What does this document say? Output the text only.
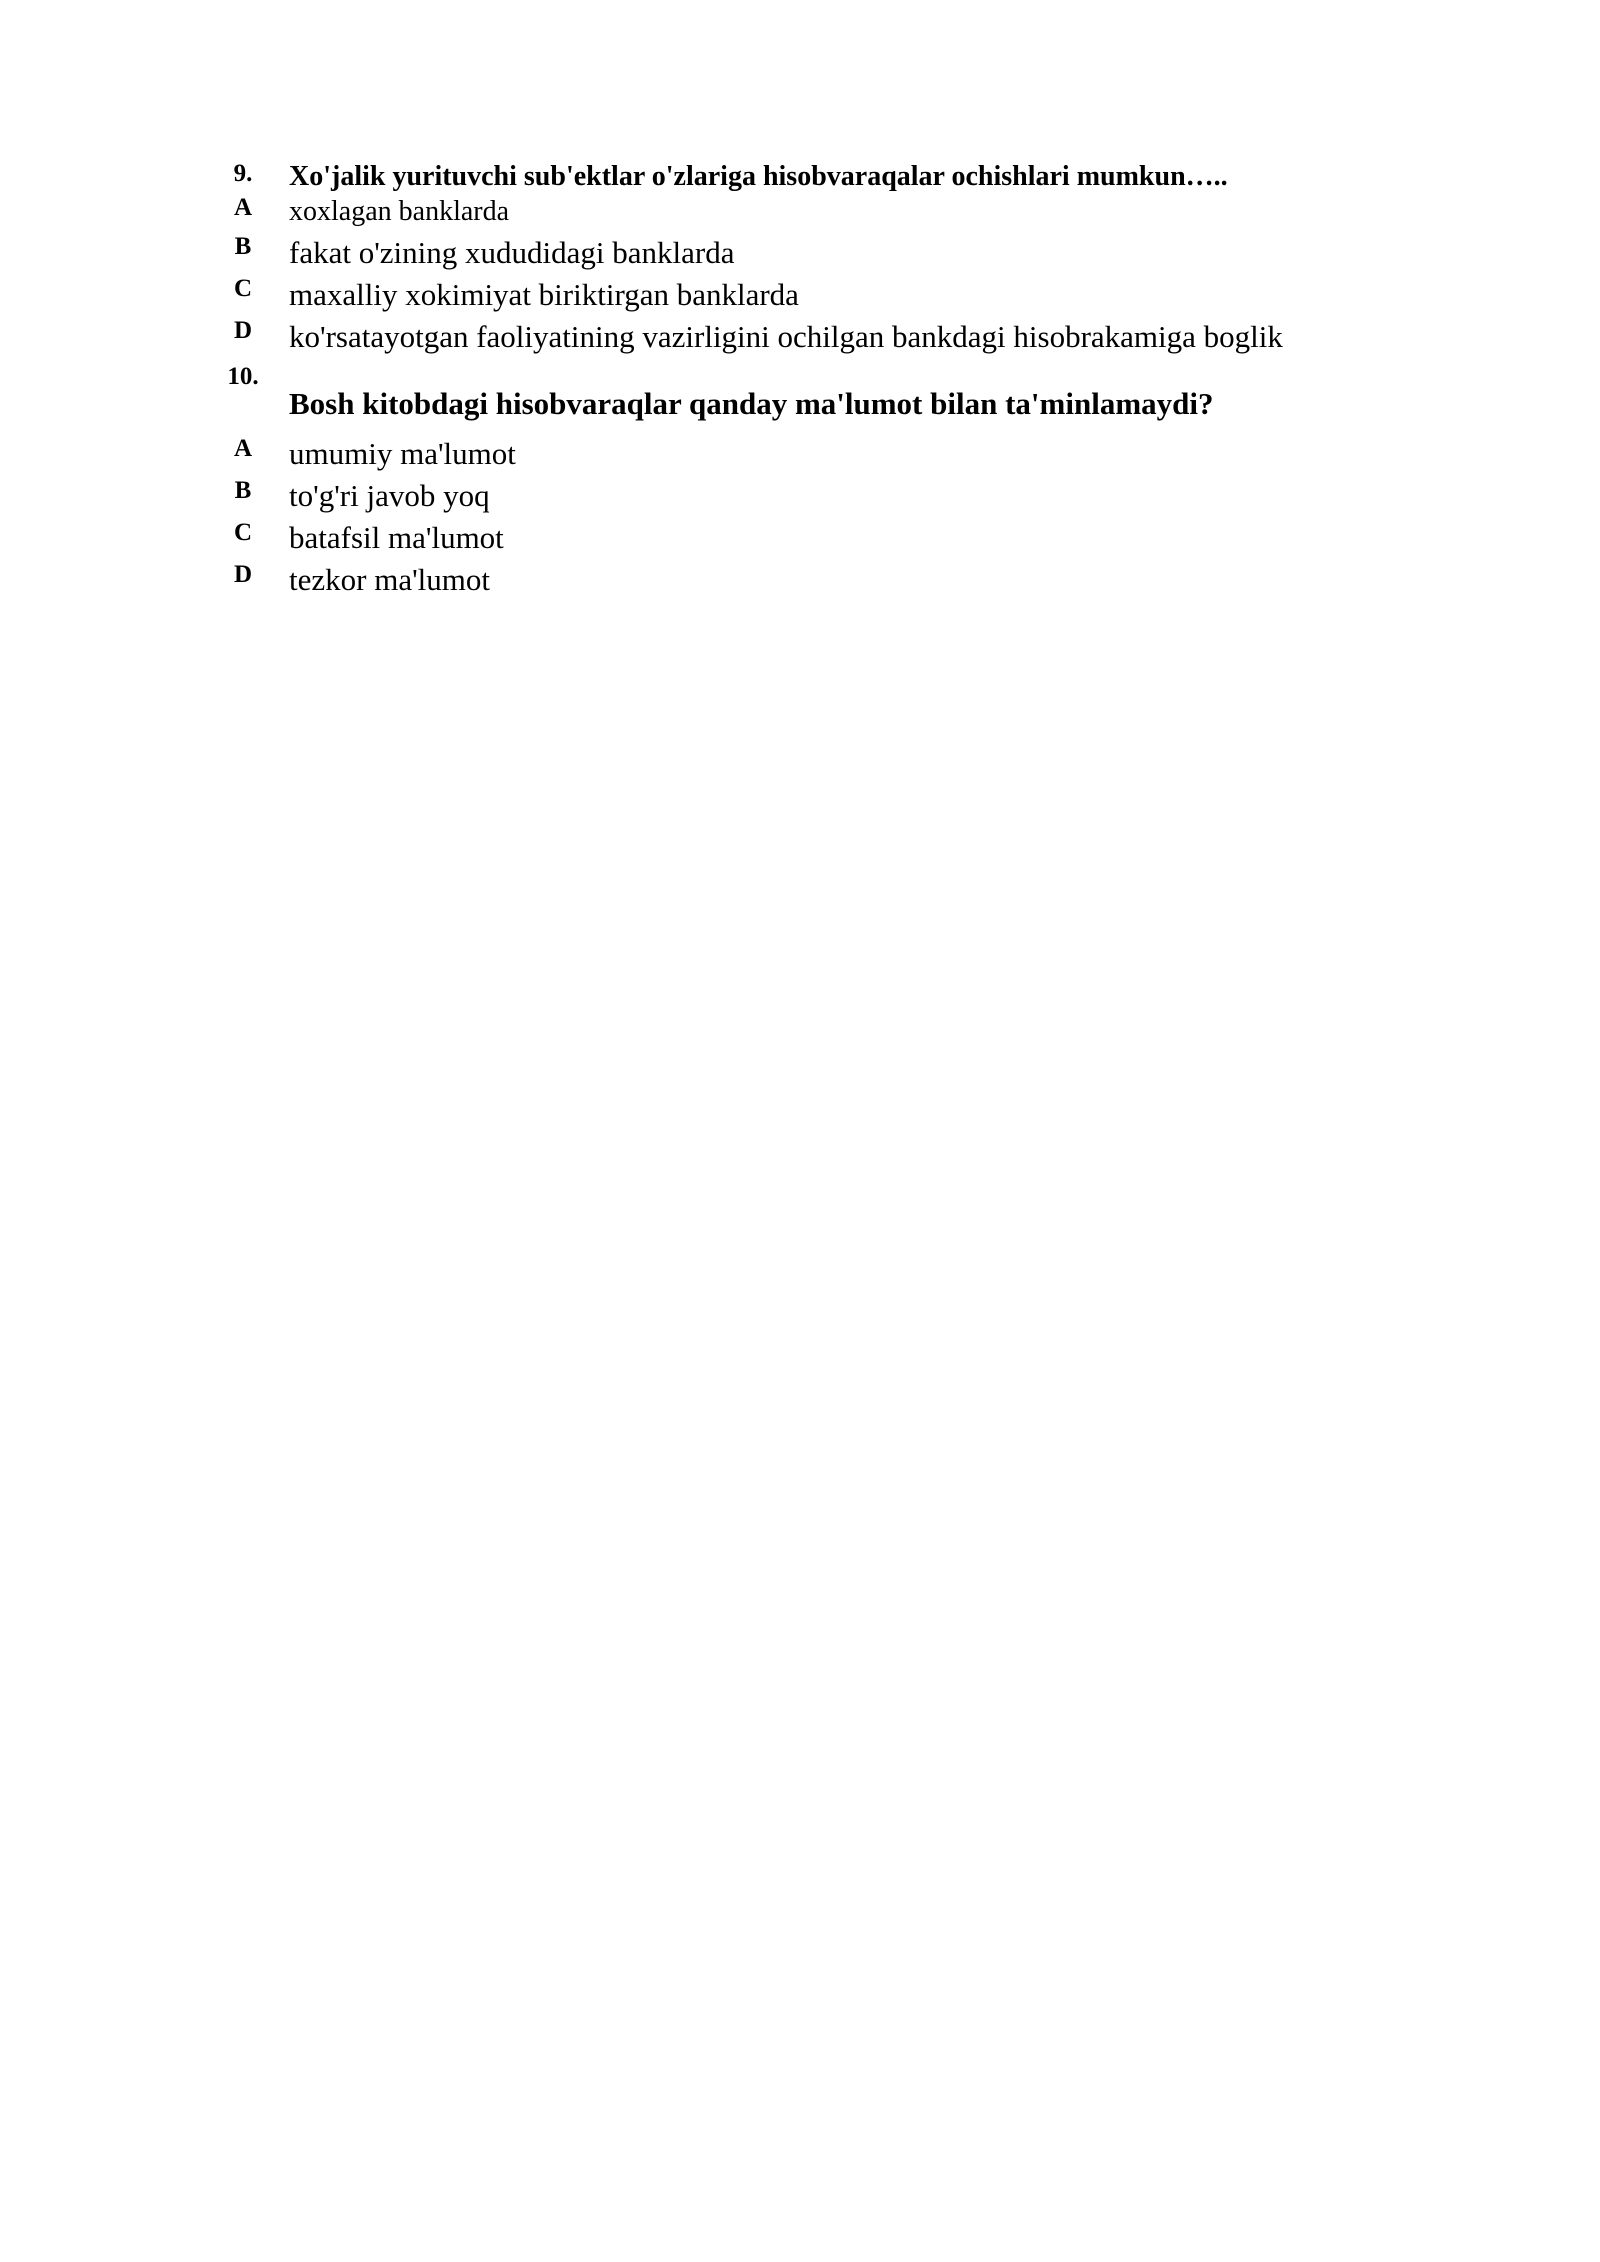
9. Xo'jalik yurituvchi sub'ektlar o'zlariga hisobvaraqalar ochishlari mumkun…..
A xoxlagan banklarda
B fakat o'zining xududidagi banklarda
C maxalliy xokimiyat biriktirgan banklarda
D ko'rsatayotgan faoliyatining vazirligini ochilgan bankdagi hisobrakamiga boglik
10.
Bosh kitobdagi hisobvaraqlar qanday ma'lumot bilan ta'minlamaydi?
A umumiy ma'lumot
B to'g'ri javob yoq
C batafsil ma'lumot
D tezkor ma'lumot
